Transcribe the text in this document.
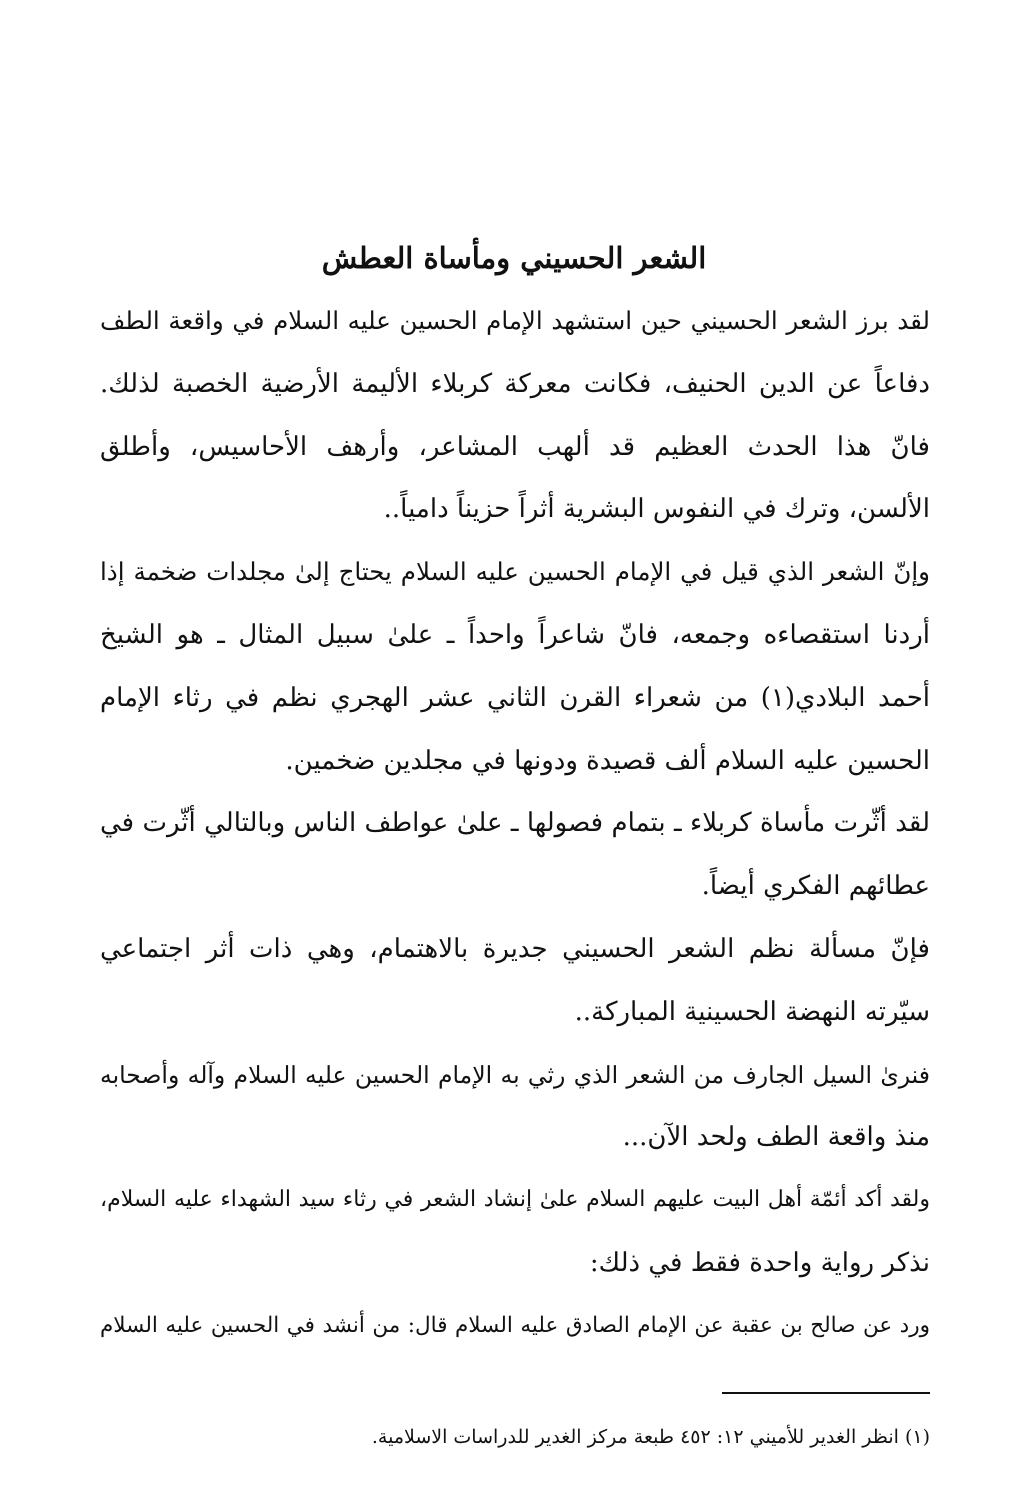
الشعر الحسيني ومأساة العطش
لقد برز الشعر الحسيني حين استشهد الإمام الحسين عليه السلام في واقعة الطف
دفاعاً عن الدين الحنيف، فكانت معركة كربلاء الأليمة الأرضية الخصبة لذلك.
فانّ هذا الحدث العظيم قد ألهب المشاعر، وأرهف الأحاسيس، وأطلق
الألسن، وترك في النفوس البشرية أثراً حزيناً دامياً..
وإنّ الشعر الذي قيل في الإمام الحسين عليه السلام يحتاج إلىٰ مجلدات ضخمة إذا
أردنا استقصاءه وجمعه، فانّ شاعراً واحداً ـ علىٰ سبيل المثال ـ هو الشيخ
أحمد البلادي(١) من شعراء القرن الثاني عشر الهجري نظم في رثاء الإمام
الحسين عليه السلام ألف قصيدة ودونها في مجلدين ضخمين.
لقد أثّرت مأساة كربلاء ـ بتمام فصولها ـ علىٰ عواطف الناس وبالتالي أثّرت في
عطائهم الفكري أيضاً.
فإنّ مسألة نظم الشعر الحسيني جديرة بالاهتمام، وهي ذات أثر اجتماعي
سيّرته النهضة الحسينية المباركة..
فنرىٰ السيل الجارف من الشعر الذي رثي به الإمام الحسين عليه السلام وآله وأصحابه
منذ واقعة الطف ولحد الآن...
ولقد أكد أئمّة أهل البيت عليهم السلام علىٰ إنشاد الشعر في رثاء سيد الشهداء عليه السلام،
نذكر رواية واحدة فقط في ذلك:
ورد عن صالح بن عقبة عن الإمام الصادق عليه السلام قال: من أنشد في الحسين عليه السلام
(١) انظر الغدير للأميني ١٢: ٤٥٢ طبعة مركز الغدير للدراسات الاسلامية.
